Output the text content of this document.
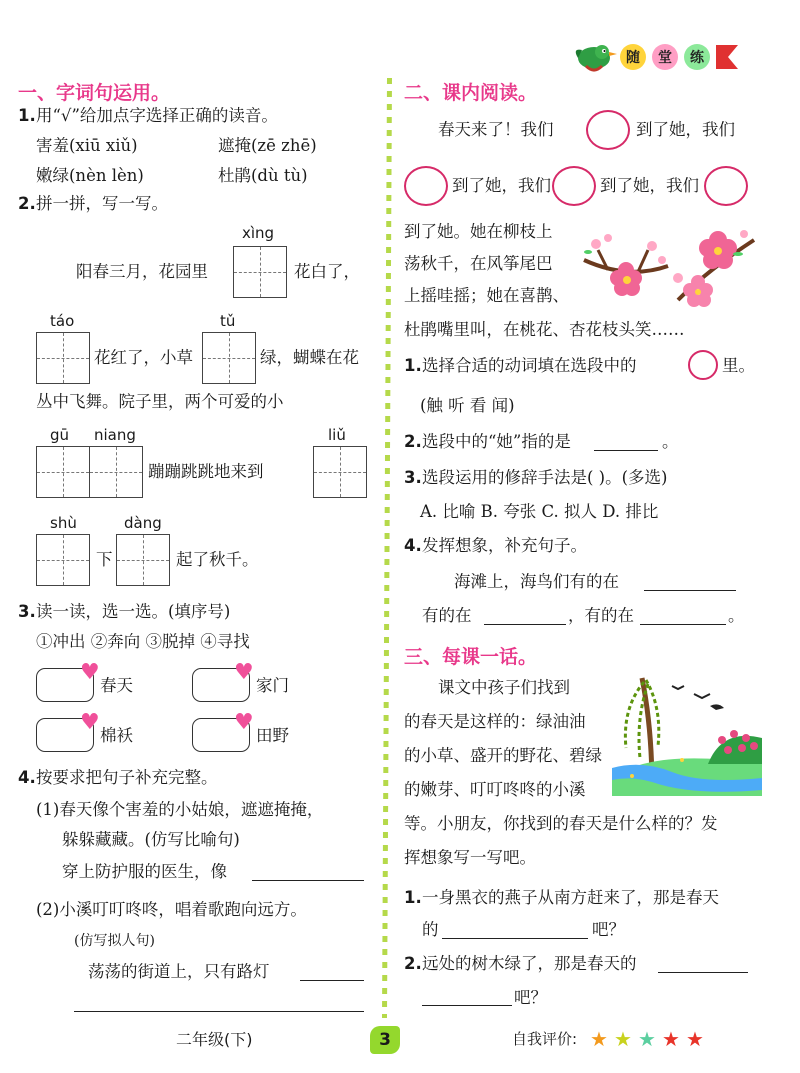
随	堂	练
一、字词句运用。
1. 用“√”给加点字选择正确的读音。
害羞(xiū xiǔ)	遮掩(zē zhē)
嫩绿(nèn lèn)	杜鹃(dù tù)
2. 拼一拼，写一写。
xìng
阳春三月，花园里	花白了，
táo	tǔ
花红了，小草	绿，蝴蝶在花
丛中飞舞。院子里，两个可爱的小
gū niang	liǔ
蹦蹦跳跳地来到
shù	dàng
下	起了秋千。
3. 读一读，选一选。(填序号)
①冲出 ②奔向 ③脱掉 ④寻找
♥
春天
♥
家门
♥
棉袄
♥
田野
4. 按要求把句子补充完整。
(1)春天像个害羞的小姑娘，遮遮掩掩，
躲躲藏藏。(仿写比喻句)
穿上防护服的医生，像
(2)小溪叮叮咚咚，唱着歌跑向远方。
(仿写拟人句)
荡荡的街道上，只有路灯
二、课内阅读。
春天来了！我们	到了她，我们
到了她，我们	到了她，我们
到了她。她在柳枝上
荡秋千，在风筝尾巴
上摇哇摇；她在喜鹊、
杜鹃嘴里叫，在桃花、杏花枝头笑……
1. 选择合适的动词填在选段中的	里。
(触 听 看 闻)
2. 选段中的“她”指的是	。
3. 选段运用的修辞手法是( )。(多选)
A. 比喻 B. 夸张 C. 拟人 D. 排比
4. 发挥想象，补充句子。
海滩上，海鸟们有的在
有的在	，有的在	。
三、每课一话。
课文中孩子们找到
的春天是这样的：绿油油
的小草、盛开的野花、碧绿
的嫩芽、叮叮咚咚的小溪
等。小朋友，你找到的春天是什么样的？发
挥想象写一写吧。
1. 一身黑衣的燕子从南方赶来了，那是春天
的	吧？
2. 远处的树木绿了，那是春天的
吧？
二年级(下)	3	自我评价: ★ ★ ★ ★ ★
